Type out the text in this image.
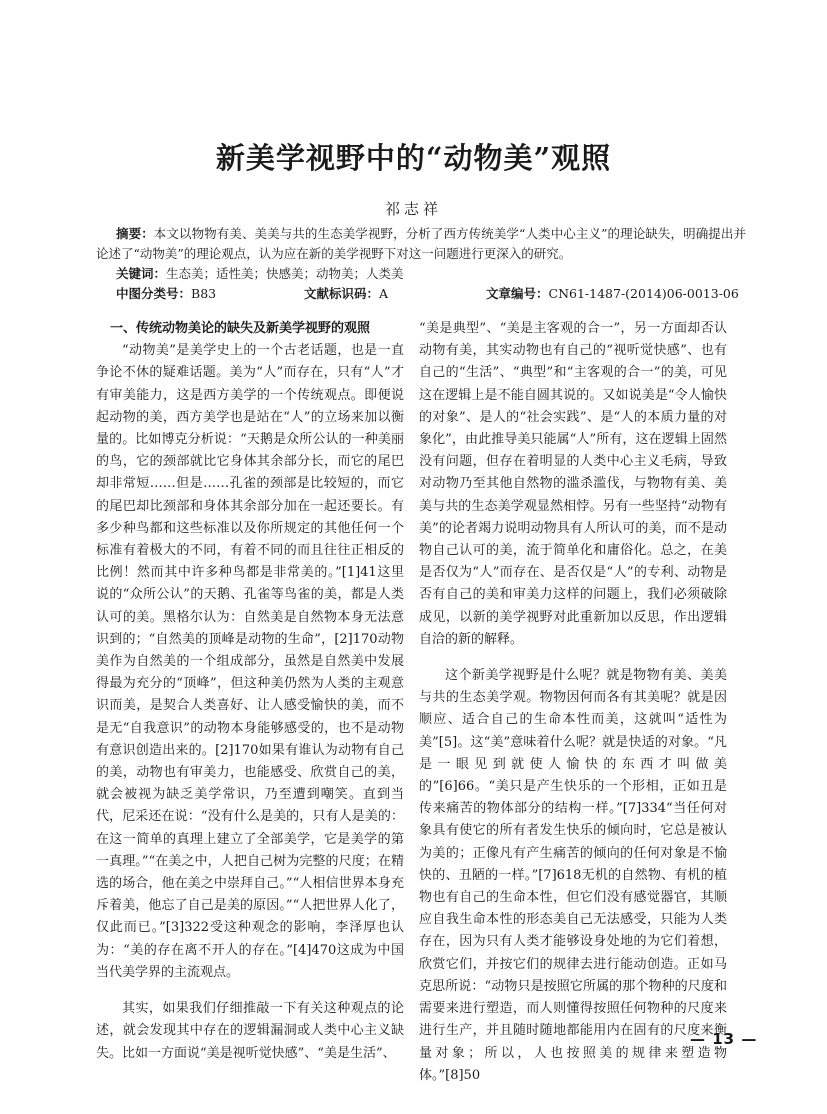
新美学视野中的“动物美”观照

祁志祥

摘要：本文以物物有美、美美与共的生态美学视野，分析了西方传统美学“人类中心主义”的理论缺失，明确提出并论述了“动物美”的理论观点，认为应在新的美学视野下对这一问题进行更深入的研究。

关键词：生态美；适性美；快感美；动物美；人类美

中图分类号：B83	文献标识码：A	文章编号：CN61-1487-(2014)06-0013-06
一、传统动物美论的缺失及新美学视野的观照

“动物美”是美学史上的一个古老话题，也是一直争论不休的疑难话题。美为“人”而存在，只有“人”才有审美能力，这是西方美学的一个传统观点。即便说起动物的美，西方美学也是站在“人”的立场来加以衡量的。比如博克分析说：“天鹅是众所公认的一种美丽的鸟，它的颈部就比它身体其余部分长，而它的尾巴却非常短……但是……孔雀的颈部是比较短的，而它的尾巴却比颈部和身体其余部分加在一起还要长。有多少种鸟都和这些标准以及你所规定的其他任何一个标准有着极大的不同，有着不同的而且往往正相反的比例！然而其中许多种鸟都是非常美的。”[1]41这里说的“众所公认”的天鹅、孔雀等鸟雀的美，都是人类认可的美。黑格尔认为：自然美是自然物本身无法意识到的；“自然美的顶峰是动物的生命”，[2]170动物美作为自然美的一个组成部分，虽然是自然美中发展得最为充分的“顶峰”，但这种美仍然为人类的主观意识而美，是契合人类喜好、让人感受愉快的美，而不是无“自我意识”的动物本身能够感受的，也不是动物有意识创造出来的。[2]170如果有谁认为动物有自己的美，动物也有审美力，也能感受、欣赏自己的美，就会被视为缺乏美学常识，乃至遭到嘲笑。直到当代，尼采还在说：“没有什么是美的，只有人是美的：在这一简单的真理上建立了全部美学，它是美学的第一真理。”“在美之中，人把自己树为完整的尺度；在精选的场合，他在美之中崇拜自己。”“人相信世界本身充斥着美，他忘了自己是美的原因。”“人把世界人化了，仅此而已。”[3]322受这种观念的影响，李泽厚也认为：“美的存在离不开人的存在。”[4]470这成为中国当代美学界的主流观点。

其实，如果我们仔细推敲一下有关这种观点的论述，就会发现其中存在的逻辑漏洞或人类中心主义缺失。比如一方面说“美是视听觉快感”、“美是生活”、

“美是典型”、“美是主客观的合一”，另一方面却否认动物有美，其实动物也有自己的“视听觉快感”、也有自己的“生活”、“典型”和“主客观的合一”的美，可见这在逻辑上是不能自圆其说的。又如说美是“令人愉快的对象”、是人的“社会实践”、是“人的本质力量的对象化”，由此推导美只能属“人”所有，这在逻辑上固然没有问题，但存在着明显的人类中心主义毛病，导致对动物乃至其他自然物的滥杀滥伐，与物物有美、美美与共的生态美学观显然相悖。另有一些坚持“动物有美”的论者竭力说明动物具有人所认可的美，而不是动物自己认可的美，流于简单化和庸俗化。总之，在美是否仅为“人”而存在、是否仅是“人”的专利、动物是否有自己的美和审美力这样的问题上，我们必须破除成见，以新的美学视野对此重新加以反思，作出逻辑自洽的新的解释。

这个新美学视野是什么呢？就是物物有美、美美与共的生态美学观。物物因何而各有其美呢？就是因顺应、适合自己的生命本性而美，这就叫“适性为美”[5]。这“美”意味着什么呢？就是快适的对象。“凡是一眼见到就使人愉快的东西才叫做美的”[6]66。“美只是产生快乐的一个形相，正如丑是传来痛苦的物体部分的结构一样。”[7]334“当任何对象具有使它的所有者发生快乐的倾向时，它总是被认为美的；正像凡有产生痛苦的倾向的任何对象是不愉快的、丑陋的一样。”[7]618无机的自然物、有机的植物也有自己的生命本性，但它们没有感觉器官，其顺应自我生命本性的形态美自己无法感受，只能为人类存在，因为只有人类才能够设身处地的为它们着想，欣赏它们，并按它们的规律去进行能动创造。正如马克思所说：“动物只是按照它所属的那个物种的尺度和需要来进行塑造，而人则懂得按照任何物种的尺度来进行生产，并且随时随地都能用内在固有的尺度来衡量对象；所以，人也按照美的规律来塑造物体。”[8]50

— 13 —
